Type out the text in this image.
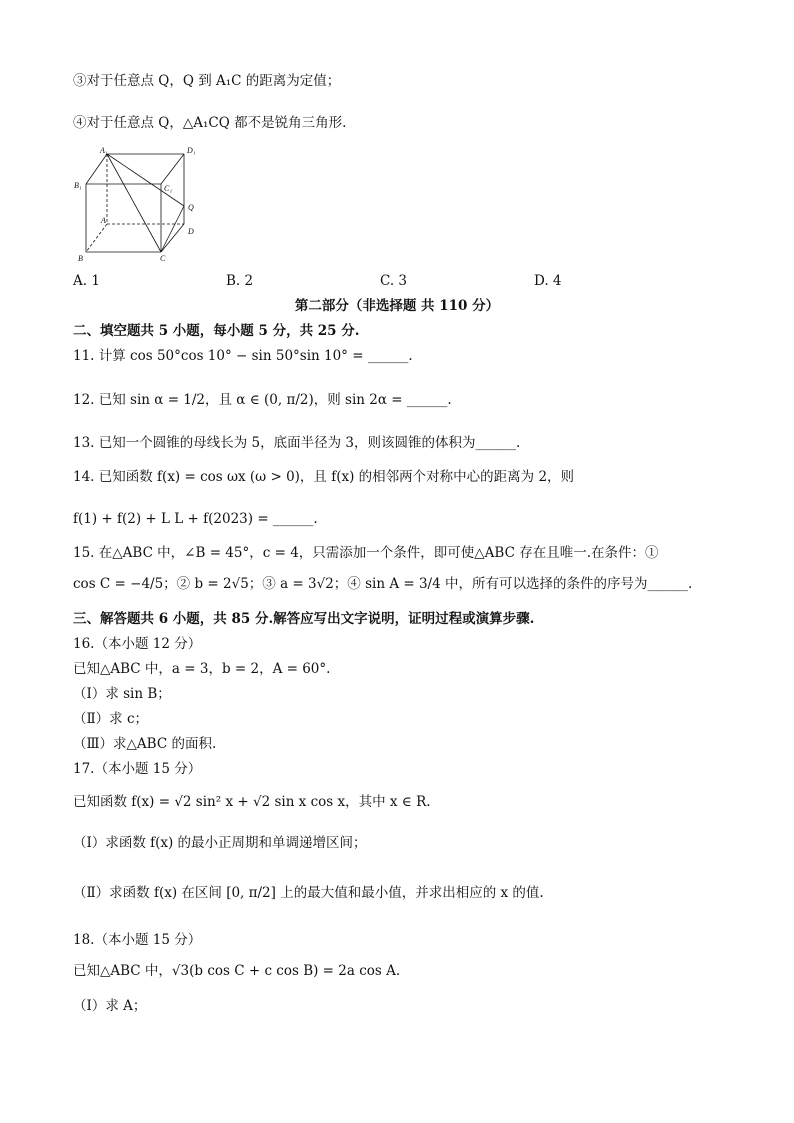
③对于任意点 Q，Q 到 A₁C 的距离为定值；
④对于任意点 Q，△A₁CQ 都不是锐角三角形.
A₁	D₁
B₁	C₁
Q
A
D
B	C
A. 1	B. 2	C. 3	D. 4
第二部分（非选择题 共 110 分）
二、填空题共 5 小题，每小题 5 分，共 25 分.
11. 计算 cos 50°cos 10° − sin 50°sin 10° = ______.
12. 已知 sin α = 1/2，且 α ∈ (0, π/2)，则 sin 2α = ______.
13. 已知一个圆锥的母线长为 5，底面半径为 3，则该圆锥的体积为______.
14. 已知函数 f(x) = cos ωx (ω > 0)，且 f(x) 的相邻两个对称中心的距离为 2，则
f(1) + f(2) + L L + f(2023) = ______.
15. 在△ABC 中，∠B = 45°，c = 4，只需添加一个条件，即可使△ABC 存在且唯一.在条件：①
cos C = −4/5；② b = 2√5；③ a = 3√2；④ sin A = 3/4 中，所有可以选择的条件的序号为______.
三、解答题共 6 小题，共 85 分.解答应写出文字说明，证明过程或演算步骤.
16.（本小题 12 分）
已知△ABC 中，a = 3，b = 2，A = 60°.
（Ⅰ）求 sin B；
（Ⅱ）求 c；
（Ⅲ）求△ABC 的面积.
17.（本小题 15 分）
已知函数 f(x) = √2 sin² x + √2 sin x cos x，其中 x ∈ R.
（Ⅰ）求函数 f(x) 的最小正周期和单调递增区间；
（Ⅱ）求函数 f(x) 在区间 [0, π/2] 上的最大值和最小值，并求出相应的 x 的值.
18.（本小题 15 分）
已知△ABC 中，√3(b cos C + c cos B) = 2a cos A.
（Ⅰ）求 A；
